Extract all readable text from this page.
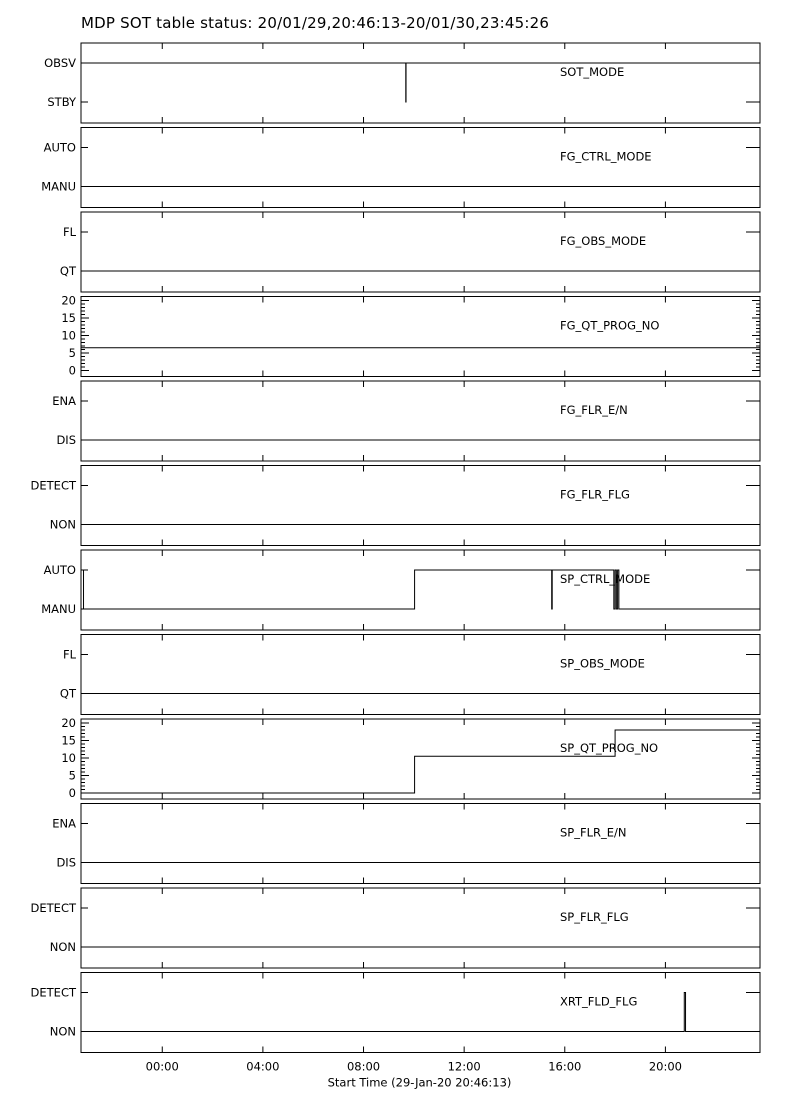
MDP SOT table status: 20/01/29,20:46:13-20/01/30,23:45:26
STBY
OBSV
SOT_MODE
MANU
AUTO
FG_CTRL_MODE
QT
FL
FG_OBS_MODE
0
5
10
15
20
FG_QT_PROG_NO
DIS
ENA
FG_FLR_E/N
NON
DETECT
FG_FLR_FLG
MANU
AUTO
SP_CTRL_MODE
QT
FL
SP_OBS_MODE
0
5
10
15
20
SP_QT_PROG_NO
DIS
ENA
SP_FLR_E/N
NON
DETECT
SP_FLR_FLG
NON
DETECT
XRT_FLD_FLG
00:00	04:00	08:00	12:00	16:00	20:00
Start Time (29-Jan-20 20:46:13)
